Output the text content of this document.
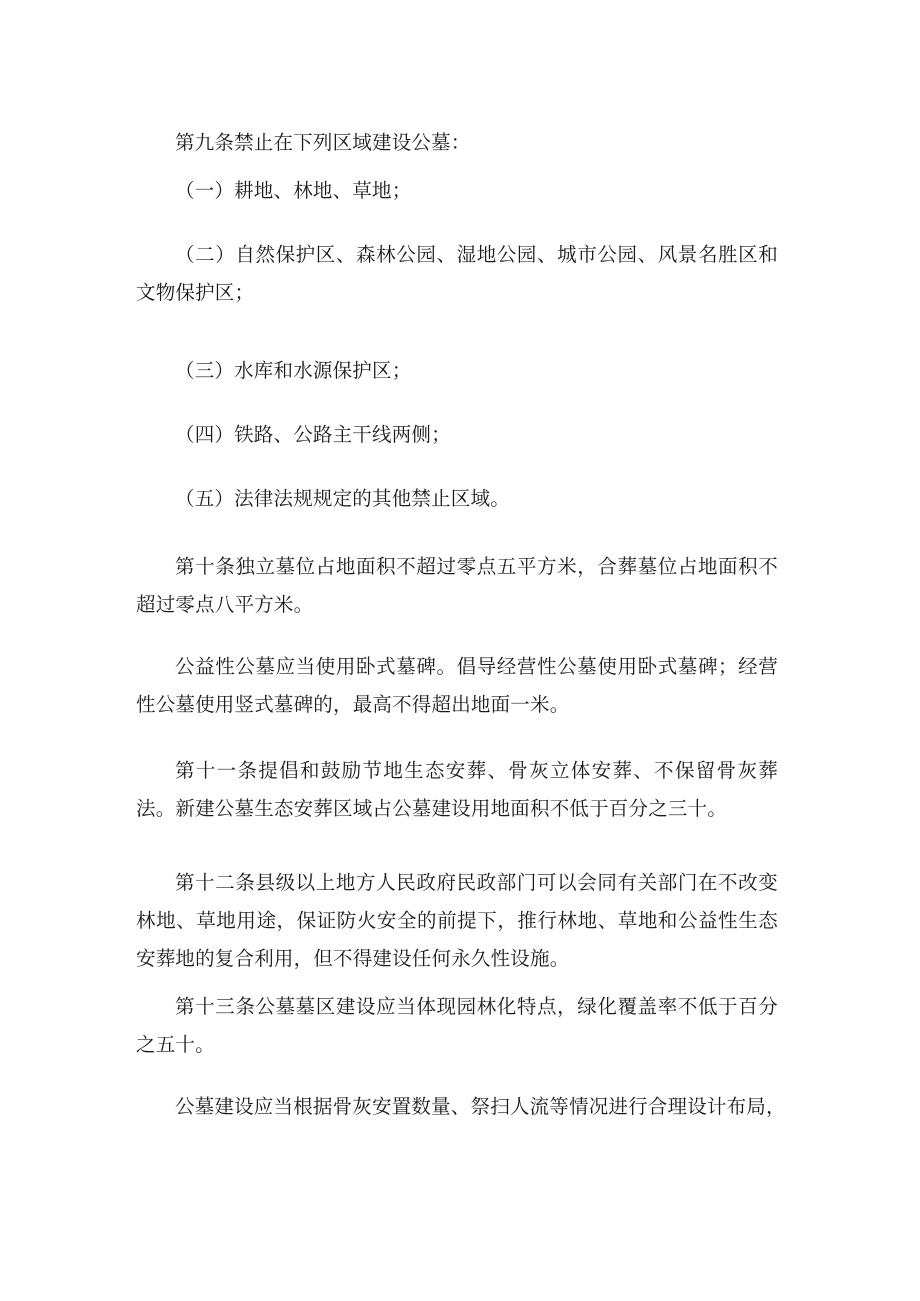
第九条禁止在下列区域建设公墓：

（一）耕地、林地、草地；

（二）自然保护区、森林公园、湿地公园、城市公园、风景名胜区和文物保护区；

（三）水库和水源保护区；

（四）铁路、公路主干线两侧；

（五）法律法规规定的其他禁止区域。

第十条独立墓位占地面积不超过零点五平方米，合葬墓位占地面积不超过零点八平方米。

公益性公墓应当使用卧式墓碑。倡导经营性公墓使用卧式墓碑；经营性公墓使用竖式墓碑的，最高不得超出地面一米。

第十一条提倡和鼓励节地生态安葬、骨灰立体安葬、不保留骨灰葬法。新建公墓生态安葬区域占公墓建设用地面积不低于百分之三十。

第十二条县级以上地方人民政府民政部门可以会同有关部门在不改变林地、草地用途，保证防火安全的前提下，推行林地、草地和公益性生态安葬地的复合利用，但不得建设任何永久性设施。

第十三条公墓墓区建设应当体现园林化特点，绿化覆盖率不低于百分之五十。

公墓建设应当根据骨灰安置数量、祭扫人流等情况进行合理设计布局，
